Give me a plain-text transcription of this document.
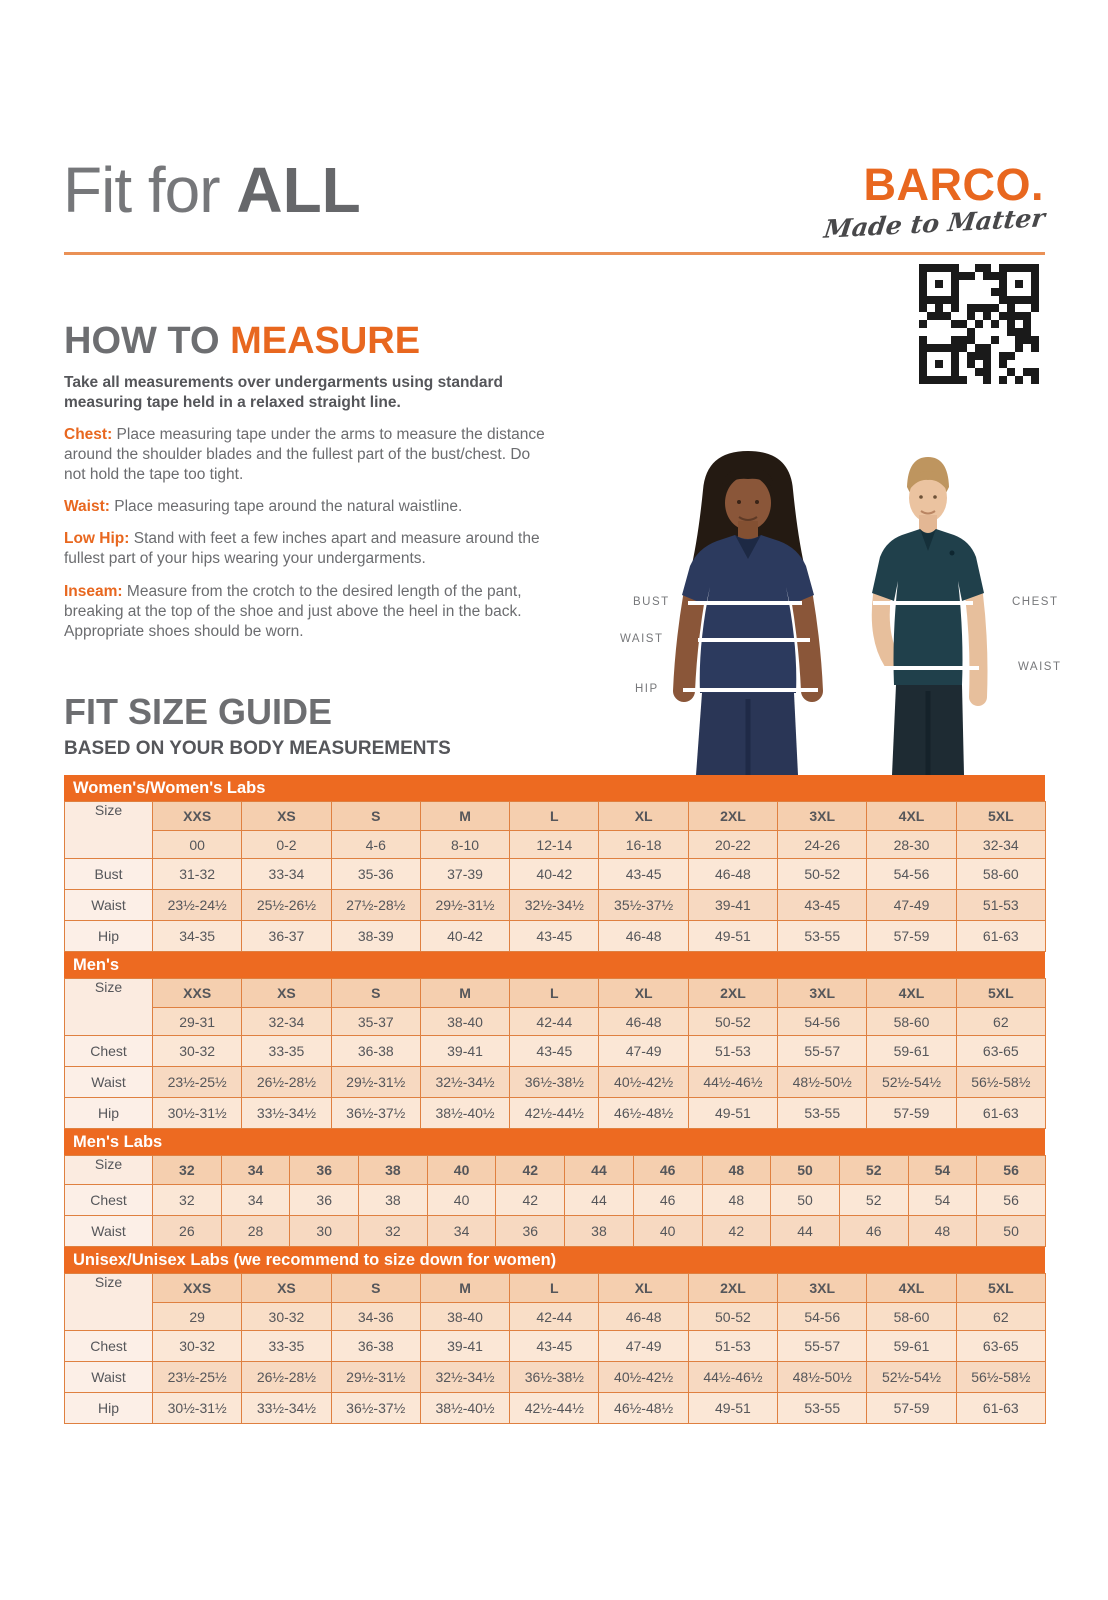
Fit for ALL	BARCO.
Made to Matter
HOW TO MEASURE

Take all measurements over undergarments using standard measuring tape held in a relaxed straight line.

Chest: Place measuring tape under the arms to measure the distance around the shoulder blades and the fullest part of the bust/chest. Do not hold the tape too tight.

Waist: Place measuring tape around the natural waistline.

Low Hip: Stand with feet a few inches apart and measure around the fullest part of your hips wearing your undergarments.

Inseam: Measure from the crotch to the desired length of the pant, breaking at the top of the shoe and just above the heel in the back. Appropriate shoes should be worn.

BUST
WAIST
HIP
CHEST
WAIST
FIT SIZE GUIDE
BASED ON YOUR BODY MEASUREMENTS
Women's/Women's Labs
Size	XXS	XS	S	M	L	XL	2XL	3XL	4XL	5XL
	00	0-2	4-6	8-10	12-14	16-18	20-22	24-26	28-30	32-34
Bust	31-32	33-34	35-36	37-39	40-42	43-45	46-48	50-52	54-56	58-60
Waist	23½-24½	25½-26½	27½-28½	29½-31½	32½-34½	35½-37½	39-41	43-45	47-49	51-53
Hip	34-35	36-37	38-39	40-42	43-45	46-48	49-51	53-55	57-59	61-63
Men's
Size	XXS	XS	S	M	L	XL	2XL	3XL	4XL	5XL
	29-31	32-34	35-37	38-40	42-44	46-48	50-52	54-56	58-60	62
Chest	30-32	33-35	36-38	39-41	43-45	47-49	51-53	55-57	59-61	63-65
Waist	23½-25½	26½-28½	29½-31½	32½-34½	36½-38½	40½-42½	44½-46½	48½-50½	52½-54½	56½-58½
Hip	30½-31½	33½-34½	36½-37½	38½-40½	42½-44½	46½-48½	49-51	53-55	57-59	61-63
Men's Labs
Size	32	34	36	38	40	42	44	46	48	50	52	54	56
Chest	32	34	36	38	40	42	44	46	48	50	52	54	56
Waist	26	28	30	32	34	36	38	40	42	44	46	48	50
Unisex/Unisex Labs (we recommend to size down for women)
Size	XXS	XS	S	M	L	XL	2XL	3XL	4XL	5XL
	29	30-32	34-36	38-40	42-44	46-48	50-52	54-56	58-60	62
Chest	30-32	33-35	36-38	39-41	43-45	47-49	51-53	55-57	59-61	63-65
Waist	23½-25½	26½-28½	29½-31½	32½-34½	36½-38½	40½-42½	44½-46½	48½-50½	52½-54½	56½-58½
Hip	30½-31½	33½-34½	36½-37½	38½-40½	42½-44½	46½-48½	49-51	53-55	57-59	61-63
